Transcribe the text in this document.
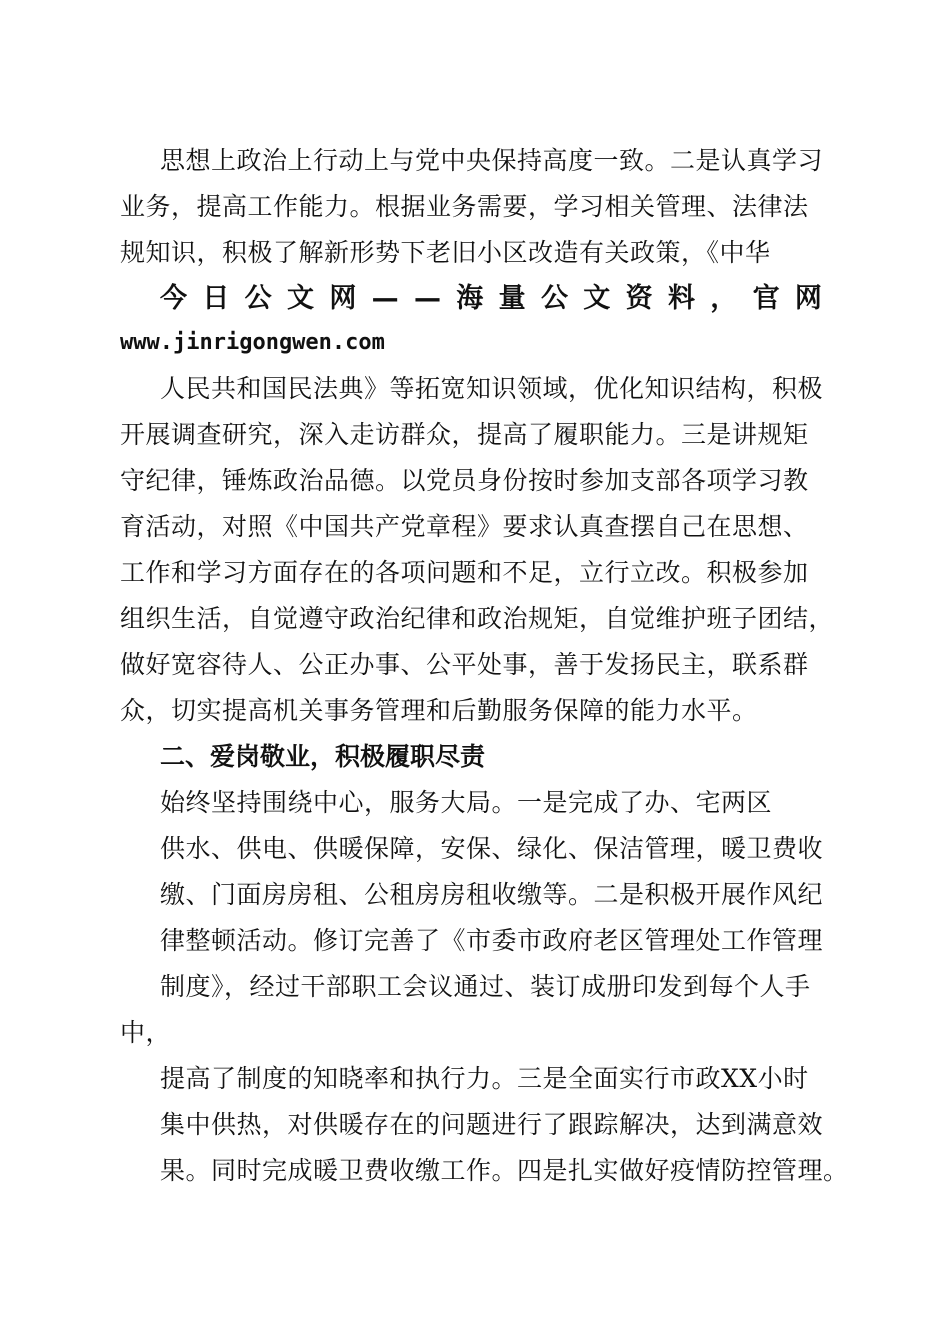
思想上政治上行动上与党中央保持高度一致。二是认真学习
业务，提高工作能力。根据业务需要，学习相关管理、法律法
规知识，积极了解新形势下老旧小区改造有关政策，《中华
今 日 公 文 网 — — 海 量 公 文 资 料 ， 官 网
www.jinrigongwen.com
人民共和国民法典》等拓宽知识领域，优化知识结构，积极
开展调查研究，深入走访群众，提高了履职能力。三是讲规矩
守纪律，锤炼政治品德。以党员身份按时参加支部各项学习教
育活动，对照《中国共产党章程》要求认真查摆自己在思想、
工作和学习方面存在的各项问题和不足，立行立改。积极参加
组织生活，自觉遵守政治纪律和政治规矩，自觉维护班子团结，
做好宽容待人、公正办事、公平处事，善于发扬民主，联系群
众，切实提高机关事务管理和后勤服务保障的能力水平。
二、爱岗敬业，积极履职尽责
始终坚持围绕中心，服务大局。一是完成了办、宅两区
供水、供电、供暖保障，安保、绿化、保洁管理，暖卫费收
缴、门面房房租、公租房房租收缴等。二是积极开展作风纪
律整顿活动。修订完善了《市委市政府老区管理处工作管理
制度》，经过干部职工会议通过、装订成册印发到每个人手
中，
提高了制度的知晓率和执行力。三是全面实行市政XX小时
集中供热，对供暖存在的问题进行了跟踪解决，达到满意效
果。同时完成暖卫费收缴工作。四是扎实做好疫情防控管理。
